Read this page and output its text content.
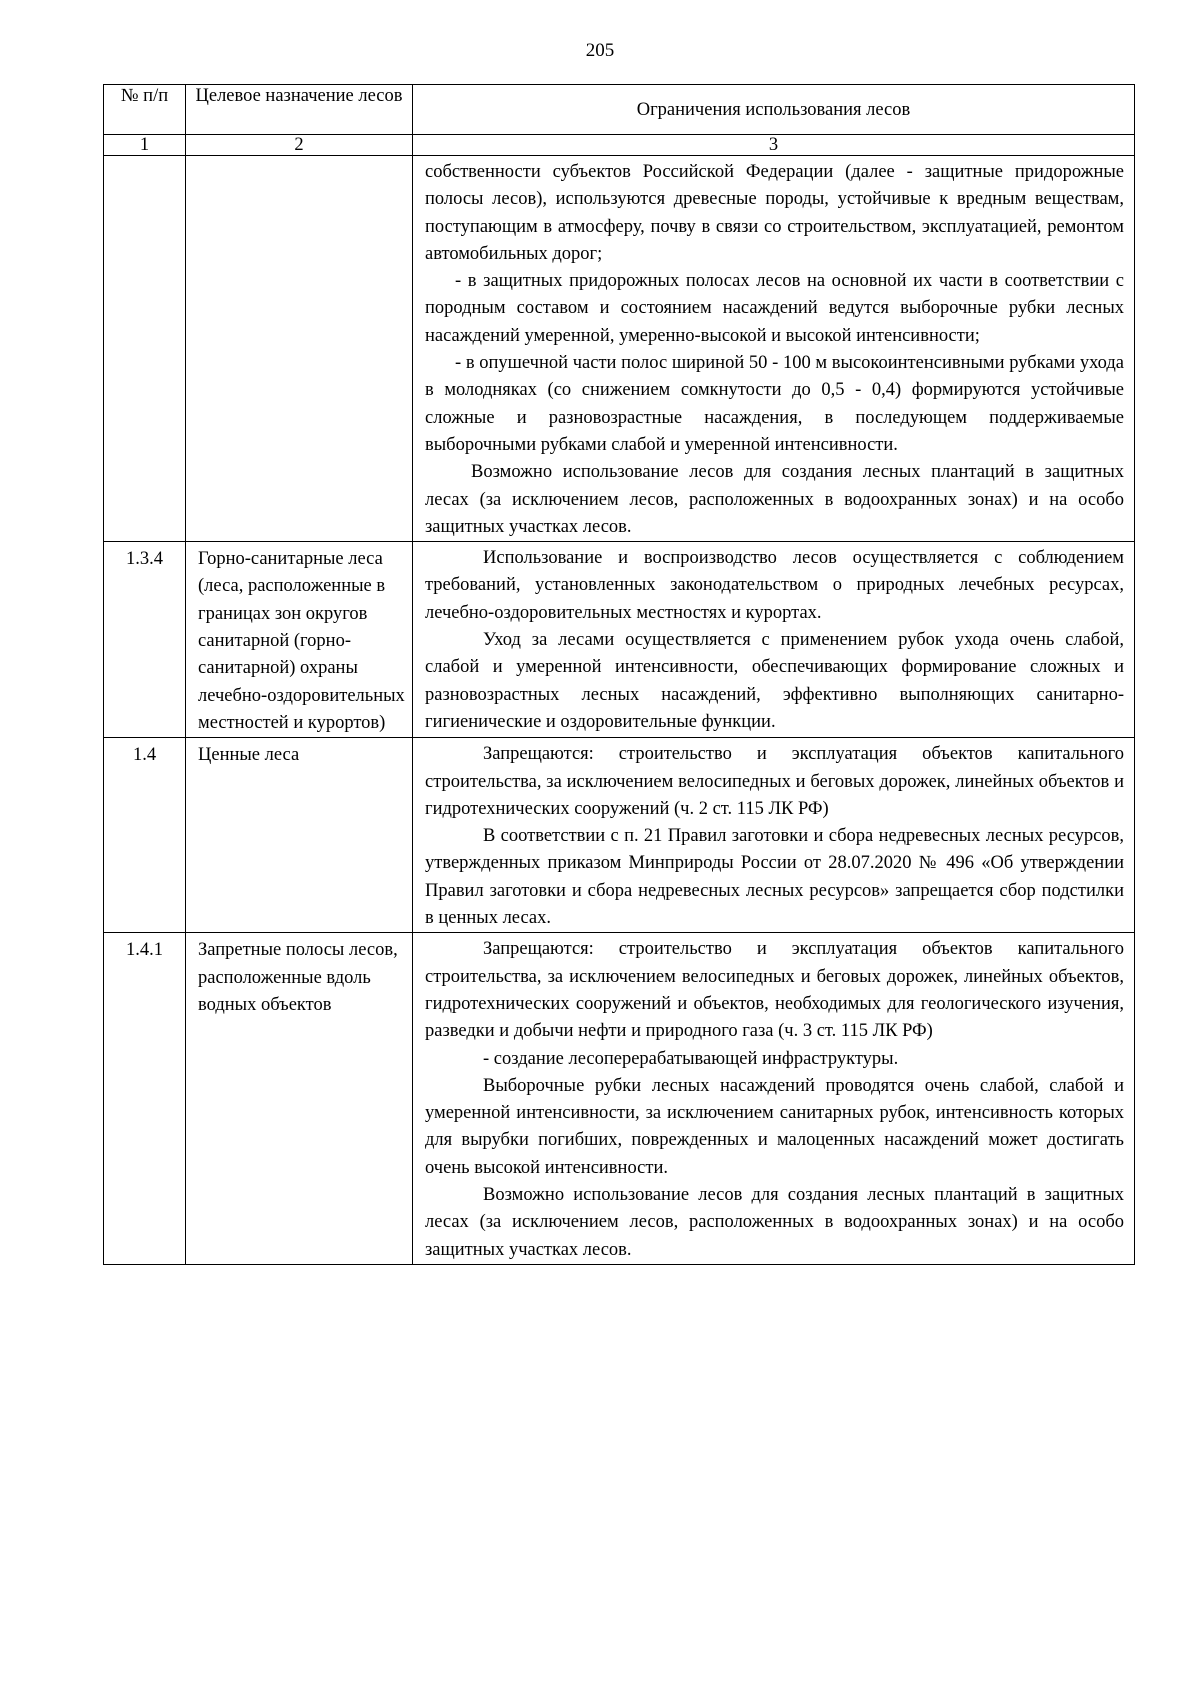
205
№ п/п	Целевое назначение лесов	Ограничения использования лесов
1	2	3

		собственности субъектов Российской Федерации (далее - защитные придорожные полосы лесов), используются древесные породы, устойчивые к вредным веществам, поступающим в атмосферу, почву в связи со строительством, эксплуатацией, ремонтом автомобильных дорог;

- в защитных придорожных полосах лесов на основной их части в соответствии с породным составом и состоянием насаждений ведутся выборочные рубки лесных насаждений умеренной, умеренно-высокой и высокой интенсивности;

- в опушечной части полос шириной 50 - 100 м высокоинтенсивными рубками ухода в молодняках (со снижением сомкнутости до 0,5 - 0,4) формируются устойчивые сложные и разновозрастные насаждения, в последующем поддерживаемые выборочными рубками слабой и умеренной интенсивности.

Возможно использование лесов для создания лесных плантаций в защитных лесах (за исключением лесов, расположенных в водоохранных зонах) и на особо защитных участках лесов.

1.3.4	Горно-санитарные леса (леса, расположенные в границах зон округов санитарной (горно-санитарной) охраны лечебно-оздоровительных местностей и курортов)	Использование и воспроизводство лесов осуществляется с соблюдением требований, установленных законодательством о природных лечебных ресурсах, лечебно-оздоровительных местностях и курортах.

Уход за лесами осуществляется с применением рубок ухода очень слабой, слабой и умеренной интенсивности, обеспечивающих формирование сложных и разновозрастных лесных насаждений, эффективно выполняющих санитарно-гигиенические и оздоровительные функции.

1.4	Ценные леса	Запрещаются: строительство и эксплуатация объектов капитального строительства, за исключением велосипедных и беговых дорожек, линейных объектов и гидротехнических сооружений (ч. 2 ст. 115 ЛК РФ)

В соответствии с п. 21 Правил заготовки и сбора недревесных лесных ресурсов, утвержденных приказом Минприроды России от 28.07.2020 № 496 «Об утверждении Правил заготовки и сбора недревесных лесных ресурсов» запрещается сбор подстилки в ценных лесах.

1.4.1	Запретные полосы лесов, расположенные вдоль водных объектов	Запрещаются: строительство и эксплуатация объектов капитального строительства, за исключением велосипедных и беговых дорожек, линейных объектов, гидротехнических сооружений и объектов, необходимых для геологического изучения, разведки и добычи нефти и природного газа (ч. 3 ст. 115 ЛК РФ)

- создание лесоперерабатывающей инфраструктуры.

Выборочные рубки лесных насаждений проводятся очень слабой, слабой и умеренной интенсивности, за исключением санитарных рубок, интенсивность которых для вырубки погибших, поврежденных и малоценных насаждений может достигать очень высокой интенсивности.

Возможно использование лесов для создания лесных плантаций в защитных лесах (за исключением лесов, расположенных в водоохранных зонах) и на особо защитных участках лесов.
